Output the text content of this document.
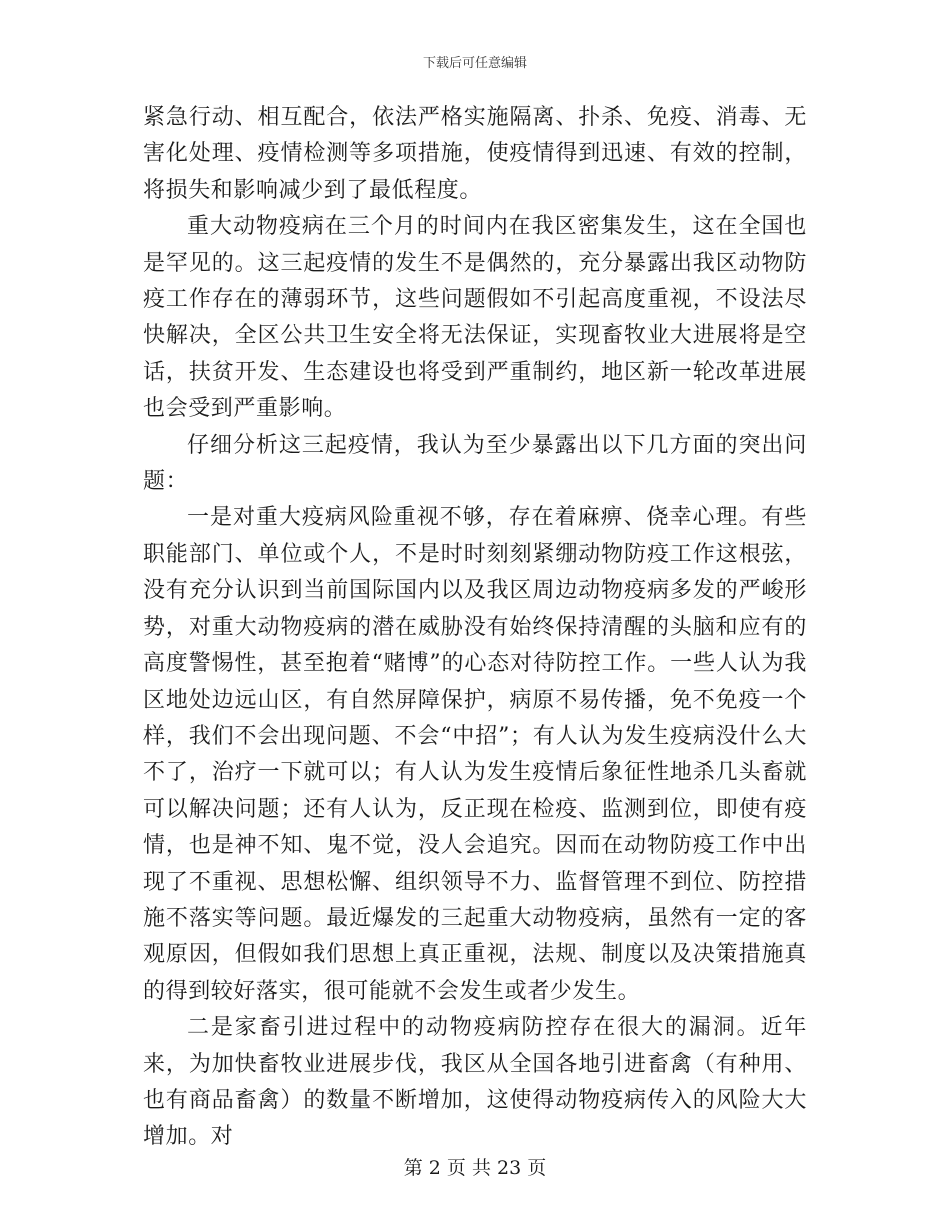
下载后可任意编辑

紧急行动、相互配合，依法严格实施隔离、扑杀、免疫、消毒、无害化处理、疫情检测等多项措施，使疫情得到迅速、有效的控制，将损失和影响减少到了最低程度。

重大动物疫病在三个月的时间内在我区密集发生，这在全国也是罕见的。这三起疫情的发生不是偶然的，充分暴露出我区动物防疫工作存在的薄弱环节，这些问题假如不引起高度重视，不设法尽快解决，全区公共卫生安全将无法保证，实现畜牧业大进展将是空话，扶贫开发、生态建设也将受到严重制约，地区新一轮改革进展也会受到严重影响。

仔细分析这三起疫情，我认为至少暴露出以下几方面的突出问题：

一是对重大疫病风险重视不够，存在着麻痹、侥幸心理。有些职能部门、单位或个人，不是时时刻刻紧绷动物防疫工作这根弦，没有充分认识到当前国际国内以及我区周边动物疫病多发的严峻形势，对重大动物疫病的潜在威胁没有始终保持清醒的头脑和应有的高度警惕性，甚至抱着“赌博”的心态对待防控工作。一些人认为我区地处边远山区，有自然屏障保护，病原不易传播，免不免疫一个样，我们不会出现问题、不会“中招”；有人认为发生疫病没什么大不了，治疗一下就可以；有人认为发生疫情后象征性地杀几头畜就可以解决问题；还有人认为，反正现在检疫、监测到位，即使有疫情，也是神不知、鬼不觉，没人会追究。因而在动物防疫工作中出现了不重视、思想松懈、组织领导不力、监督管理不到位、防控措施不落实等问题。最近爆发的三起重大动物疫病，虽然有一定的客观原因，但假如我们思想上真正重视，法规、制度以及决策措施真的得到较好落实，很可能就不会发生或者少发生。

二是家畜引进过程中的动物疫病防控存在很大的漏洞。近年来，为加快畜牧业进展步伐，我区从全国各地引进畜禽（有种用、也有商品畜禽）的数量不断增加，这使得动物疫病传入的风险大大增加。对

第 2 页 共 23 页
